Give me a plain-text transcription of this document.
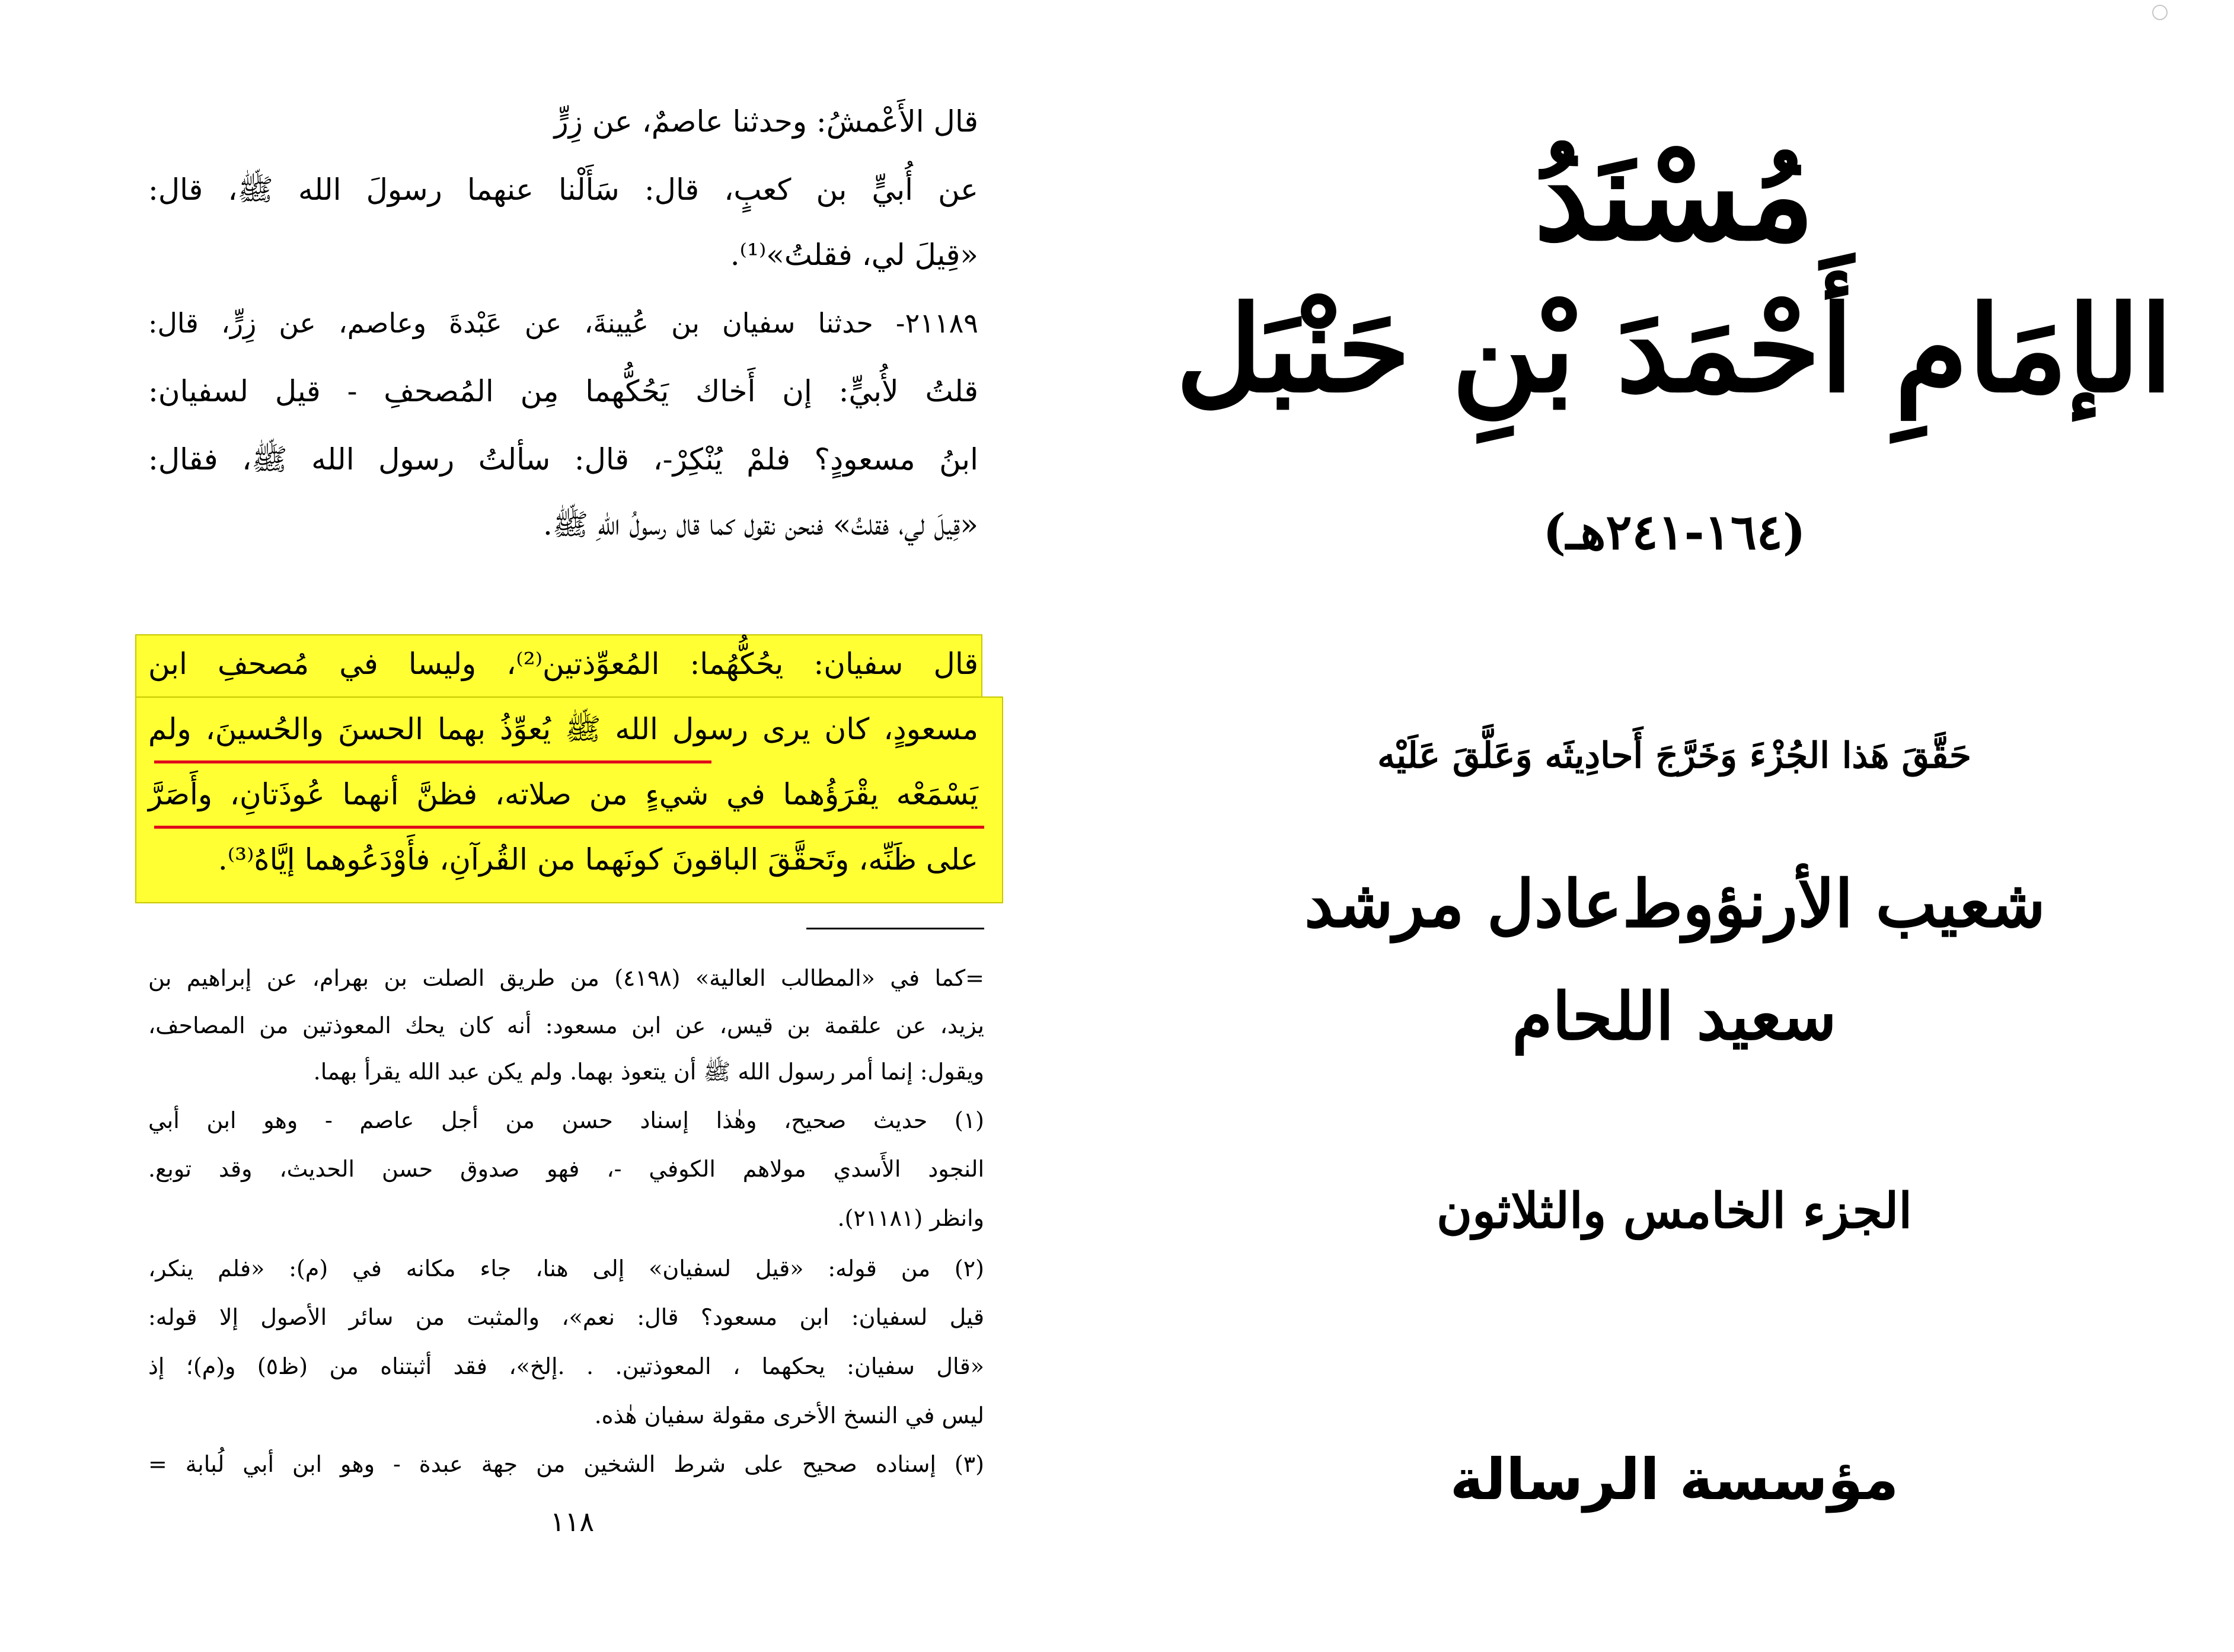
قال الأَعْمشُ: وحدثنا عاصمٌ، عن زِرٍّ
عن أُبيٍّ بن كعبٍ، قال: سَأَلْنا عنهما رسولَ الله ﷺ، قال:
«قِيلَ لي، فقلتُ»⁽¹⁾.
٢١١٨٩- حدثنا سفيان بن عُيينةَ، عن عَبْدةَ وعاصم، عن زِرٍّ، قال:
قلتُ لأُبيٍّ: إن أَخاك يَحُكُّهما مِن المُصحفِ - قيل لسفيان:
ابنُ مسعودٍ؟ فلمْ يُنْكِرْ-، قال: سألتُ رسول الله ﷺ، فقال:
«قِيلَ لي، فقلتُ» فنحن نقول كما قال رسولُ اللهِ ﷺ.
قال سفيان: يحُكُّهُما: المُعوِّذتين⁽²⁾، وليسا في مُصحفِ ابن
مسعودٍ، كان يرى رسول الله ﷺ يُعوِّذُ بهما الحسنَ والحُسينَ، ولم
يَسْمَعْه يقْرَؤُهما في شيءٍ من صلاته، فظنَّ أنهما عُوذَتانِ، وأَصَرَّ
على ظَنِّه، وتَحقَّقَ الباقونَ كونَهما من القُرآنِ، فأَوْدَعُوهما إيَّاهُ⁽³⁾.
=كما في «المطالب العالية» (٤١٩٨) من طريق الصلت بن بهرام، عن إبراهيم بن
يزيد، عن علقمة بن قيس، عن ابن مسعود: أنه كان يحك المعوذتين من المصاحف،
ويقول: إنما أمر رسول الله ﷺ أن يتعوذ بهما. ولم يكن عبد الله يقرأ بهما.
(١) حديث صحيح، وهٰذا إسناد حسن من أجل عاصم - وهو ابن أبي
النجود الأَسدي مولاهم الكوفي -، فهو صدوق حسن الحديث، وقد توبع.
وانظر (٢١١٨١).
(٢) من قوله: «قيل لسفيان» إلى هنا، جاء مكانه في (م): «فلم ينكر،
قيل لسفيان: ابن مسعود؟ قال: نعم»، والمثبت من سائر الأصول إلا قوله:
«قال سفيان: يحكهما ، المعوذتين. . .إلخ»، فقد أثبتناه من (ظ٥) و(م)؛ إذ
ليس في النسخ الأخرى مقولة سفيان هٰذه.
(٣) إسناده صحيح على شرط الشخين من جهة عبدة - وهو ابن أبي لُبابة =
١١٨
مُسْنَدُ
الإمَامِ أَحْمَدَ بْنِ حَنْبَل
(١٦٤-٢٤١هـ)
حَقَّقَ هَذا الجُزْءَ وَخَرَّجَ أَحادِيثَه وَعَلَّقَ عَلَيْه
شعيب الأرنؤوط
عادل مرشد
سعيد اللحام
الجزء الخامس والثلاثون
مؤسسة الرسالة
